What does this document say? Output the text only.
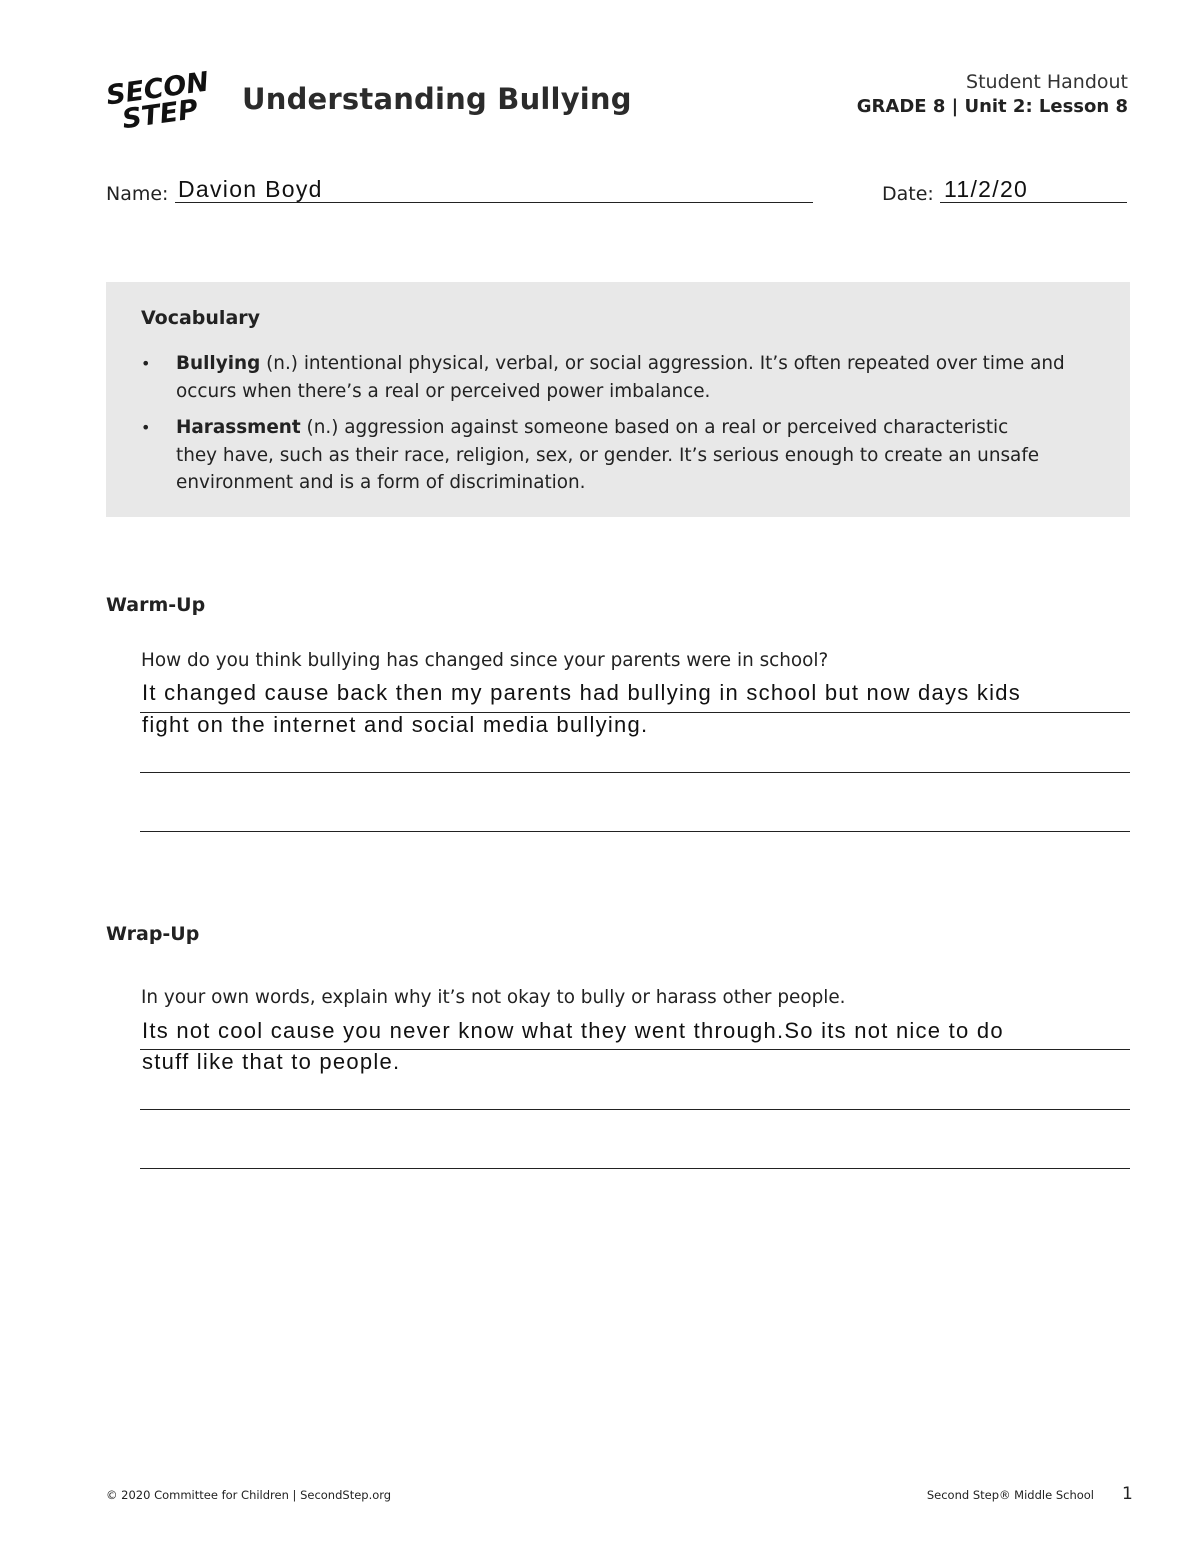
SECOND
STEP Understanding Bullying	Student Handout
GRADE 8 | Unit 2: Lesson 8
Name: Davion Boyd	Date: 11/2/20
Vocabulary
• Bullying (n.) intentional physical, verbal, or social aggression. It’s often repeated over time and
occurs when there’s a real or perceived power imbalance.
• Harassment (n.) aggression against someone based on a real or perceived characteristic
they have, such as their race, religion, sex, or gender. It’s serious enough to create an unsafe
environment and is a form of discrimination.
Warm-Up
How do you think bullying has changed since your parents were in school?
It changed cause back then my parents had bullying in school but now days kids
fight on the internet and social media bullying.
Wrap-Up
In your own words, explain why it’s not okay to bully or harass other people.
Its not cool cause you never know what they went through.So its not nice to do
stuff like that to people.
© 2020 Committee for Children | SecondStep.org	Second Step® Middle School 1
